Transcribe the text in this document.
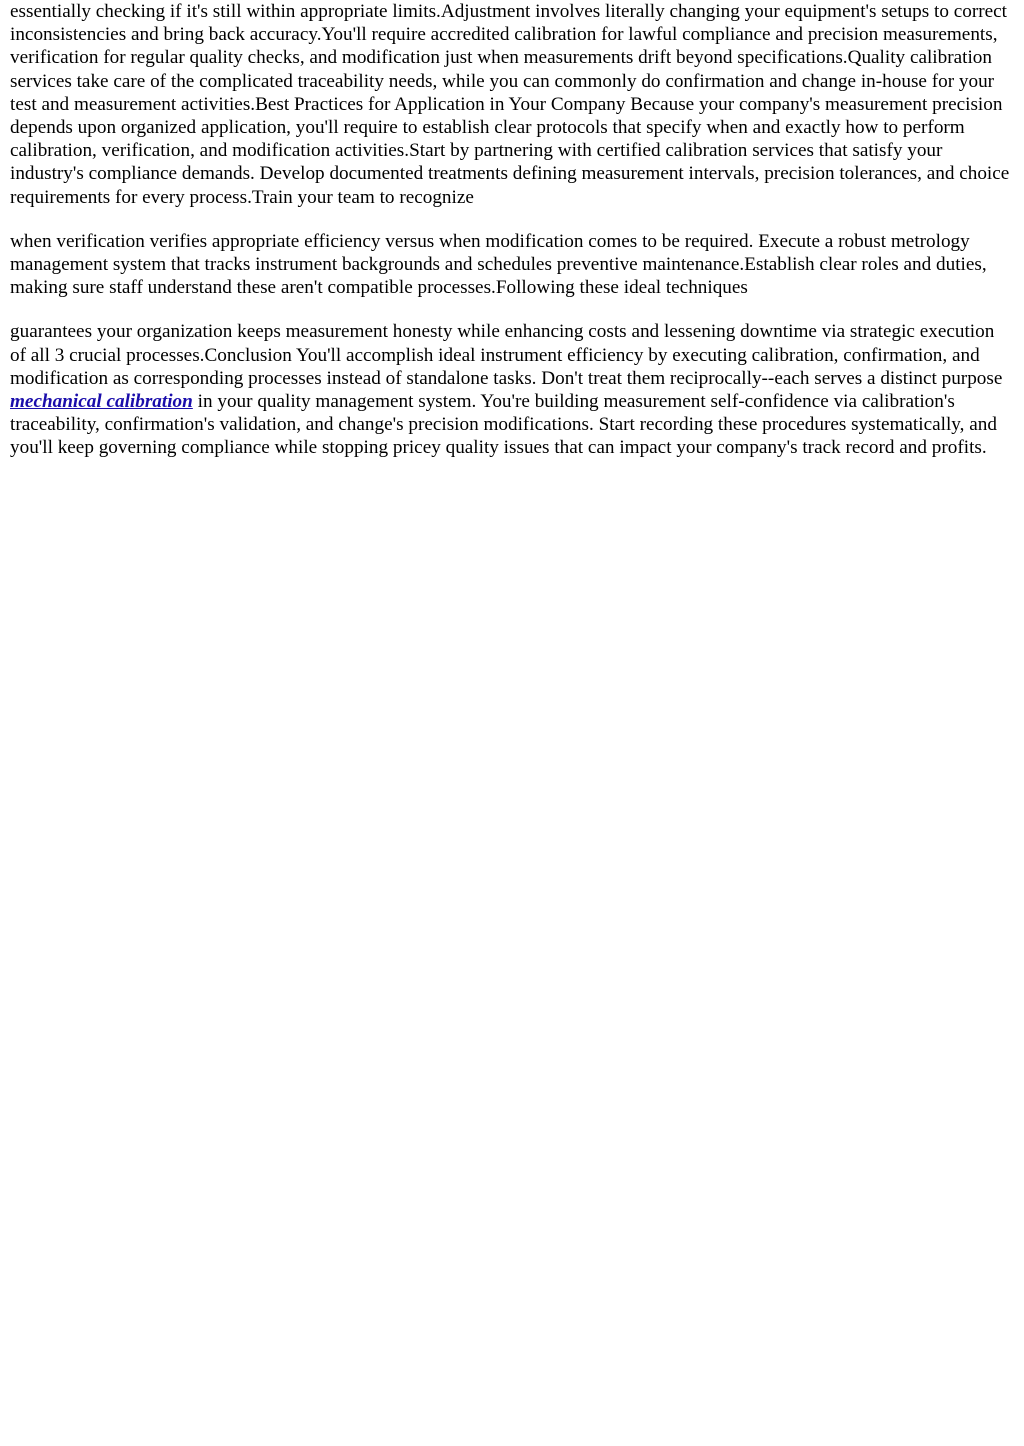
essentially checking if it's still within appropriate limits.Adjustment involves literally changing your equipment's setups to correct inconsistencies and bring back accuracy.You'll require accredited calibration for lawful compliance and precision measurements, verification for regular quality checks, and modification just when measurements drift beyond specifications.Quality calibration services take care of the complicated traceability needs, while you can commonly do confirmation and change in-house for your test and measurement activities.Best Practices for Application in Your Company Because your company's measurement precision depends upon organized application, you'll require to establish clear protocols that specify when and exactly how to perform calibration, verification, and modification activities.Start by partnering with certified calibration services that satisfy your industry's compliance demands. Develop documented treatments defining measurement intervals, precision tolerances, and choice requirements for every process.Train your team to recognize

when verification verifies appropriate efficiency versus when modification comes to be required. Execute a robust metrology management system that tracks instrument backgrounds and schedules preventive maintenance.Establish clear roles and duties, making sure staff understand these aren't compatible processes.Following these ideal techniques

guarantees your organization keeps measurement honesty while enhancing costs and lessening downtime via strategic execution of all 3 crucial processes.Conclusion You'll accomplish ideal instrument efficiency by executing calibration, confirmation, and modification as corresponding processes instead of standalone tasks. Don't treat them reciprocally--each serves a distinct purpose mechanical calibration in your quality management system. You're building measurement self-confidence via calibration's traceability, confirmation's validation, and change's precision modifications. Start recording these procedures systematically, and you'll keep governing compliance while stopping pricey quality issues that can impact your company's track record and profits.
